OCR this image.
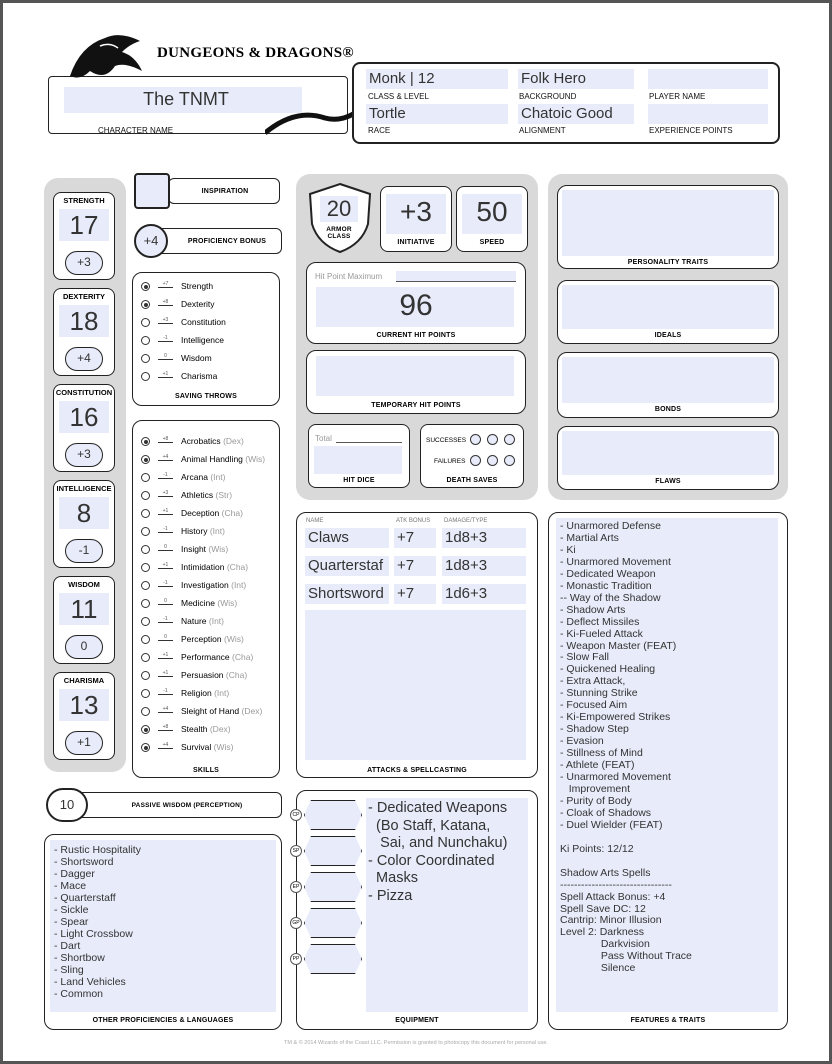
DUNGEONS & DRAGONS®
The TNMT
CHARACTER NAME
Monk | 12
CLASS & LEVEL
Folk Hero
BACKGROUND	PLAYER NAME
Tortle
RACE
Chatoic Good
ALIGNMENT	EXPERIENCE POINTS
STRENGTH
17
+3
DEXTERITY
18
+4
CONSTITUTION
16
+3
INTELLIGENCE
8
-1
WISDOM
11
0
CHARISMA
13
+1
INSPIRATION
+4	PROFICIENCY BONUS
+7	Strength
+8	Dexterity
+3	Constitution
-1	Intelligence
0	Wisdom
+1	Charisma
SAVING THROWS
+8	Acrobatics (Dex)
+4	Animal Handling (Wis)
-1	Arcana (Int)
+3	Athletics (Str)
+1	Deception (Cha)
-1	History (Int)
0	Insight (Wis)
+1	Intimidation (Cha)
-1	Investigation (Int)
0	Medicine (Wis)
-1	Nature (Int)
0	Perception (Wis)
+1	Performance (Cha)
+1	Persuasion (Cha)
-1	Religion (Int)
+4	Sleight of Hand (Dex)
+8	Stealth (Dex)
+4	Survival (Wis)
SKILLS
10	PASSIVE WISDOM (PERCEPTION)
- Rustic Hospitality
- Shortsword
- Dagger
- Mace
- Quarterstaff
- Sickle
- Spear
- Light Crossbow
- Dart
- Shortbow
- Sling
- Land Vehicles
- Common
OTHER PROFICIENCIES & LANGUAGES
20
ARMOR CLASS
+3
INITIATIVE
50
SPEED
Hit Point Maximum
96
CURRENT HIT POINTS
TEMPORARY HIT POINTS
Total
HIT DICE
SUCCESSES
FAILURES
DEATH SAVES
PERSONALITY TRAITS
IDEALS
BONDS
FLAWS
NAME	ATK BONUS DAMAGE/TYPE
Claws	+7	1d8+3
Quarterstaf +7	1d8+3
Shortsword +7	1d6+3
ATTACKS & SPELLCASTING
CP
SP
EP
GP
PP
- Dedicated Weapons
(Bo Staff, Katana,
Sai, and Nunchaku)
- Color Coordinated
Masks
- Pizza
EQUIPMENT
- Unarmored Defense
- Martial Arts
- Ki
- Unarmored Movement
- Dedicated Weapon
- Monastic Tradition
-- Way of the Shadow
- Shadow Arts
- Deflect Missiles
- Ki-Fueled Attack
- Weapon Master (FEAT)
- Slow Fall
- Quickened Healing
- Extra Attack,
- Stunning Strike
- Focused Aim
- Ki-Empowered Strikes
- Shadow Step
- Evasion
- Stillness of Mind
- Athlete (FEAT)
- Unarmored Movement
Improvement
- Purity of Body
- Cloak of Shadows
- Duel Wielder (FEAT)

Ki Points: 12/12

Shadow Arts Spells
--------------------------------
Spell Attack Bonus: +4
Spell Save DC: 12
Cantrip: Minor Illusion
Level 2: Darkness
Darkvision
Pass Without Trace
Silence
FEATURES & TRAITS
TM & © 2014 Wizards of the Coast LLC. Permission is granted to photocopy this document for personal use.
